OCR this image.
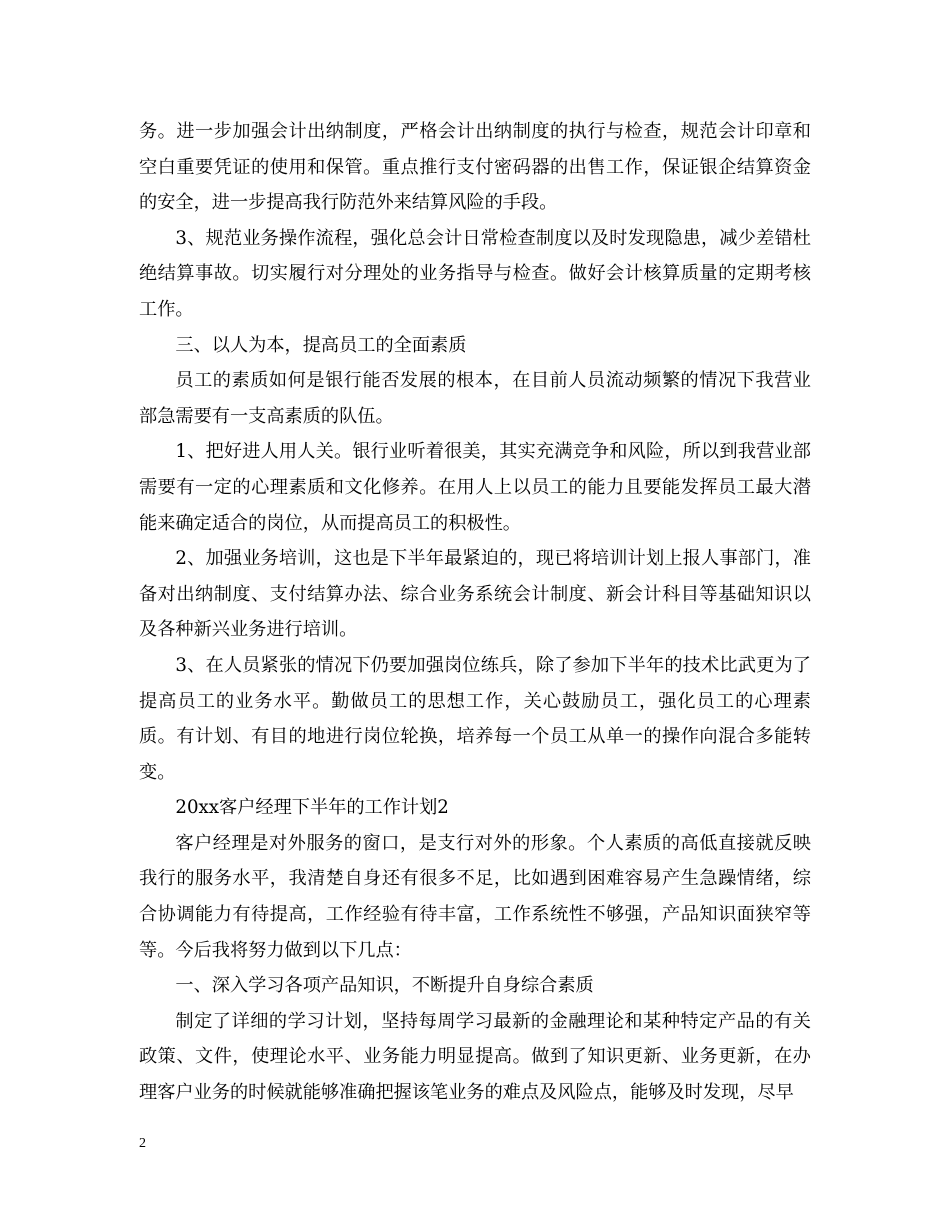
务。进一步加强会计出纳制度，严格会计出纳制度的执行与检查，规范会计印章和空白重要凭证的使用和保管。重点推行支付密码器的出售工作，保证银企结算资金的安全，进一步提高我行防范外来结算风险的手段。

3、规范业务操作流程，强化总会计日常检查制度以及时发现隐患，减少差错杜绝结算事故。切实履行对分理处的业务指导与检查。做好会计核算质量的定期考核工作。

三、以人为本，提高员工的全面素质

员工的素质如何是银行能否发展的根本，在目前人员流动频繁的情况下我营业部急需要有一支高素质的队伍。

1、把好进人用人关。银行业听着很美，其实充满竞争和风险，所以到我营业部需要有一定的心理素质和文化修养。在用人上以员工的能力且要能发挥员工最大潜能来确定适合的岗位，从而提高员工的积极性。

2、加强业务培训，这也是下半年最紧迫的，现已将培训计划上报人事部门，准备对出纳制度、支付结算办法、综合业务系统会计制度、新会计科目等基础知识以及各种新兴业务进行培训。

3、在人员紧张的情况下仍要加强岗位练兵，除了参加下半年的技术比武更为了提高员工的业务水平。勤做员工的思想工作，关心鼓励员工，强化员工的心理素质。有计划、有目的地进行岗位轮换，培养每一个员工从单一的操作向混合多能转变。

20xx客户经理下半年的工作计划2

客户经理是对外服务的窗口，是支行对外的形象。个人素质的高低直接就反映我行的服务水平，我清楚自身还有很多不足，比如遇到困难容易产生急躁情绪，综合协调能力有待提高，工作经验有待丰富，工作系统性不够强，产品知识面狭窄等等。今后我将努力做到以下几点：

一、深入学习各项产品知识，不断提升自身综合素质

制定了详细的学习计划，坚持每周学习最新的金融理论和某种特定产品的有关政策、文件，使理论水平、业务能力明显提高。做到了知识更新、业务更新，在办理客户业务的时候就能够准确把握该笔业务的难点及风险点，能够及时发现，尽早

2
